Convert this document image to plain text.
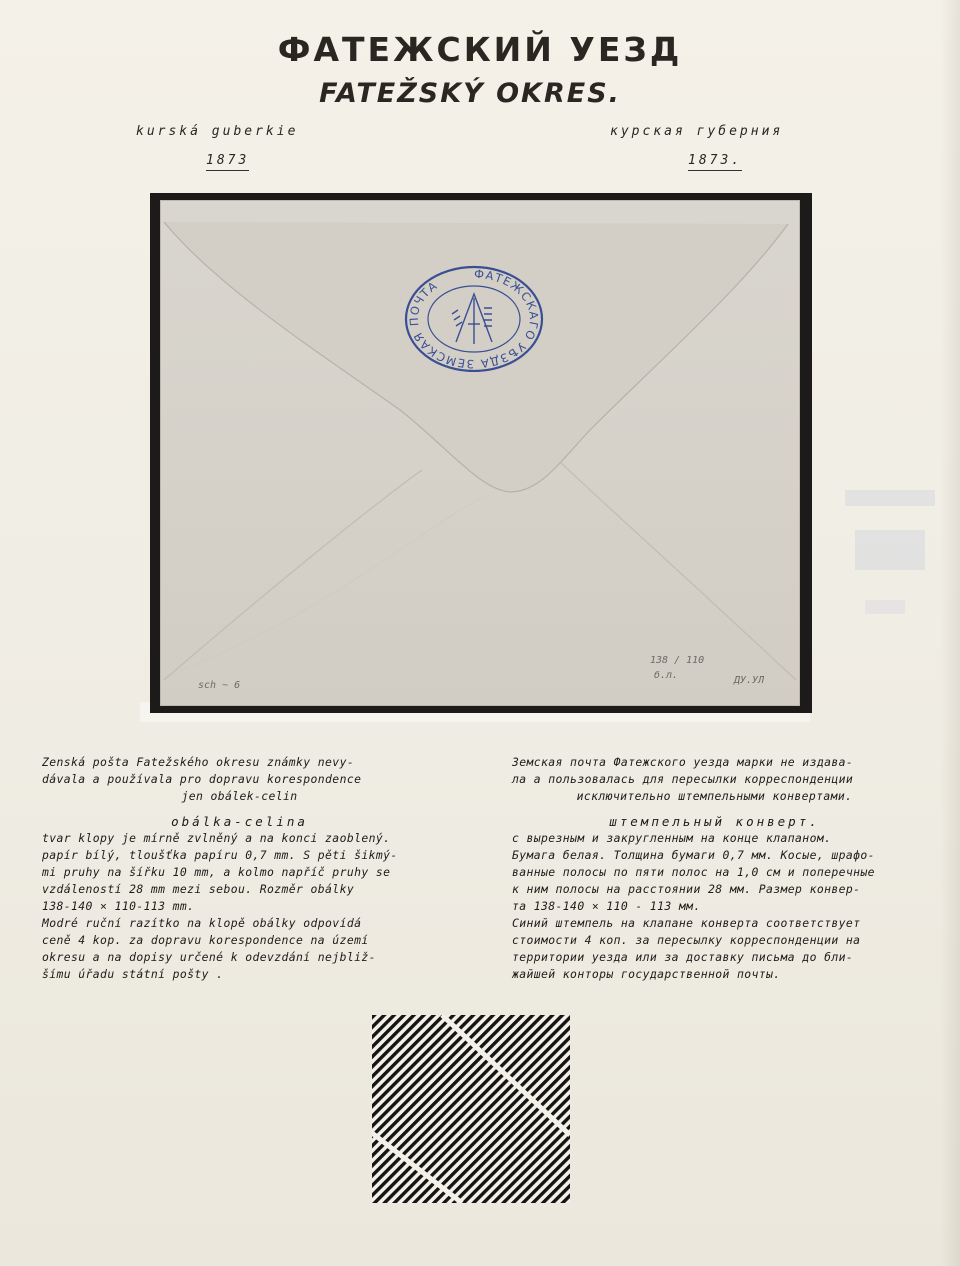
ФАТЕЖСКИЙ УЕЗД
FATEŽSKÝ OKRES.
kurská guberkie
1873
курская губерния
1873.
sch ~ 6
138 / 110
б.л.	ДУ.УЛ
ФАТЕЖСКАГО УѢЗДА ЗЕМСКАЯ ПОЧТА

Zenská pošta Fatežského okresu známky nevy-

dávala a používala pro dopravu korespondence

jen obálek-celin

obálka-celina

tvar klopy je mírně zvlněný a na konci zaoblený.

papír bílý, tloušťka papíru 0,7 mm. S pěti šikmý-

mi pruhy na šířku 10 mm, a kolmo napříč pruhy se

vzdáleností 28 mm mezi sebou. Rozměr obálky

138-140 × 110-113 mm.

Modré ruční razítko na klopě obálky odpovídá

ceně 4 kop. za dopravu korespondence na území

okresu a na dopisy určené k odevzdání nejbliž-

šímu úřadu státní pošty .

Земская почта Фатежского уезда марки не издава-

ла а пользовалась для пересылки корреспонденции

исключительно штемпельными конвертами.

штемпельный конверт.

с вырезным и закругленным на конце клапаном.

Бумага белая. Толщина бумаги 0,7 мм. Косые, шрафо-

ванные полосы по пяти полос на 1,0 см и поперечные

к ним полосы на расстоянии 28 мм. Размер конвер-

та 138-140 × 110 - 113 мм.

Синий штемпель на клапане конверта соответствует

стоимости 4 коп. за пересылку корреспонденции на

территории уезда или за доставку письма до бли-

жайшей конторы государственной почты.
